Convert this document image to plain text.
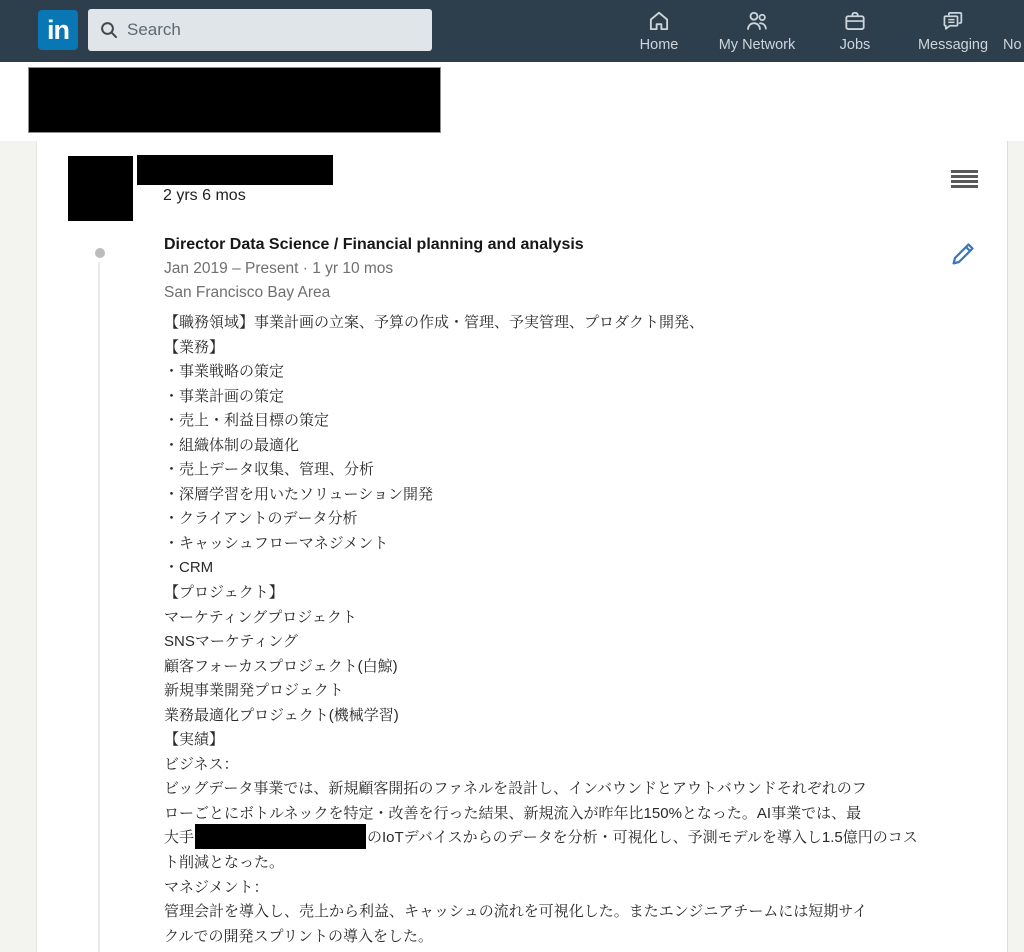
in
Search
Home	My Network	Jobs	Messaging No
2 yrs 6 mos
Director Data Science / Financial planning and analysis
Jan 2019 – Present · 1 yr 10 mos
San Francisco Bay Area
【職務領域】事業計画の立案、予算の作成・管理、予実管理、プロダクト開発、
【業務】
・事業戦略の策定
・事業計画の策定
・売上・利益目標の策定
・組織体制の最適化
・売上データ収集、管理、分析
・深層学習を用いたソリューション開発
・クライアントのデータ分析
・キャッシュフローマネジメント
・CRM
【プロジェクト】
マーケティングプロジェクト
SNSマーケティング
顧客フォーカスプロジェクト(白鯨)
新規事業開発プロジェクト
業務最適化プロジェクト(機械学習)
【実績】
ビジネス：
ビッグデータ事業では、新規顧客開拓のファネルを設計し、インバウンドとアウトバウンドそれぞれのフ
ローごとにボトルネックを特定・改善を行った結果、新規流入が昨年比150%となった。AI事業では、最
大手	のIoTデバイスからのデータを分析・可視化し、予測モデルを導入し1.5億円のコス
ト削減となった。
マネジメント：
管理会計を導入し、売上から利益、キャッシュの流れを可視化した。またエンジニアチームには短期サイ
クルでの開発スプリントの導入をした。
